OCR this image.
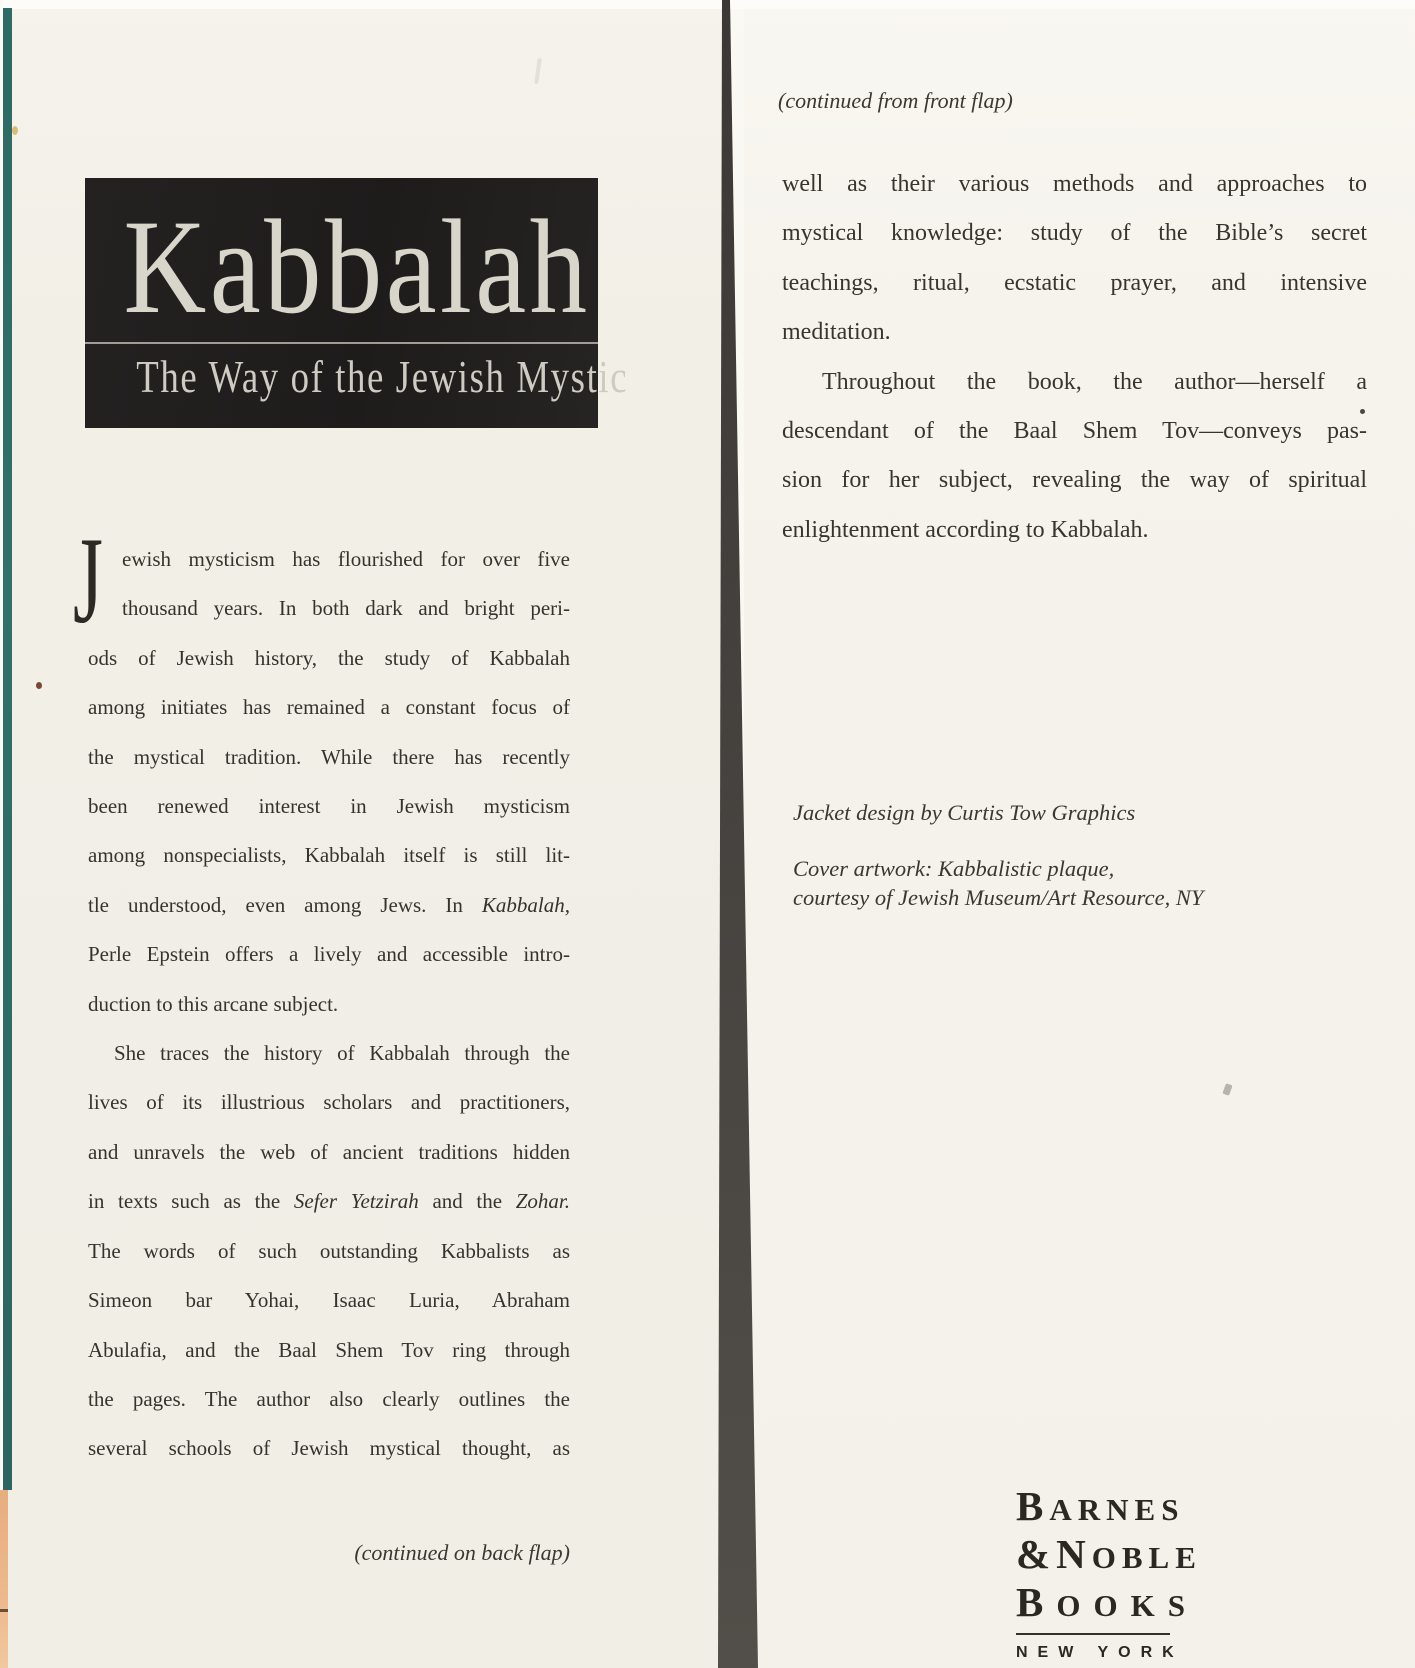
Kabbalah
The Way of the Jewish Mystic
J ewish mysticism has flourished for over five
thousand years. In both dark and bright peri-
ods of Jewish history, the study of Kabbalah
among initiates has remained a constant focus of
the mystical tradition. While there has recently
been renewed interest in Jewish mysticism
among nonspecialists, Kabbalah itself is still lit-
tle understood, even among Jews. In Kabbalah,
Perle Epstein offers a lively and accessible intro-
duction to this arcane subject.
She traces the history of Kabbalah through the
lives of its illustrious scholars and practitioners,
and unravels the web of ancient traditions hidden
in texts such as the Sefer Yetzirah and the Zohar.
The words of such outstanding Kabbalists as
Simeon bar Yohai, Isaac Luria, Abraham
Abulafia, and the Baal Shem Tov ring through
the pages. The author also clearly outlines the
several schools of Jewish mystical thought, as
(continued on back flap)
(continued from front flap)
well as their various methods and approaches to
mystical knowledge: study of the Bible’s secret
teachings, ritual, ecstatic prayer, and intensive
meditation.
Throughout the book, the author—herself a
descendant of the Baal Shem Tov—conveys pas-
sion for her subject, revealing the way of spiritual
enlightenment according to Kabbalah.
Jacket design by Curtis Tow Graphics
Cover artwork: Kabbalistic plaque,
courtesy of Jewish Museum/Art Resource, NY
BARNES
&NOBLE
BOOKS
NEW YORK
